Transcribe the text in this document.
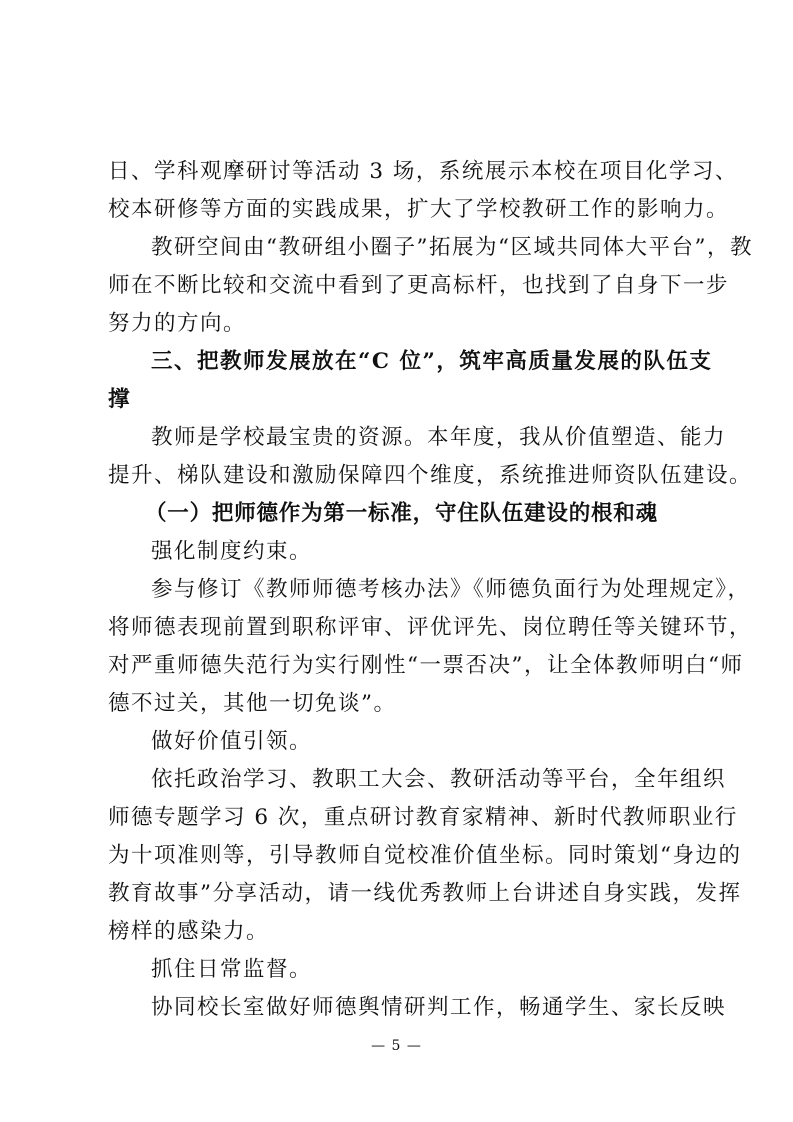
日、学科观摩研讨等活动 3 场，系统展示本校在项目化学习、
校本研修等方面的实践成果，扩大了学校教研工作的影响力。
教研空间由“教研组小圈子”拓展为“区域共同体大平台”，教
师在不断比较和交流中看到了更高标杆，也找到了自身下一步
努力的方向。
三、把教师发展放在“C 位”，筑牢高质量发展的队伍支
撑
教师是学校最宝贵的资源。本年度，我从价值塑造、能力
提升、梯队建设和激励保障四个维度，系统推进师资队伍建设。
（一）把师德作为第一标准，守住队伍建设的根和魂
强化制度约束。
参与修订《教师师德考核办法》《师德负面行为处理规定》，
将师德表现前置到职称评审、评优评先、岗位聘任等关键环节，
对严重师德失范行为实行刚性“一票否决”，让全体教师明白“师
德不过关，其他一切免谈”。
做好价值引领。
依托政治学习、教职工大会、教研活动等平台，全年组织
师德专题学习 6 次，重点研讨教育家精神、新时代教师职业行
为十项准则等，引导教师自觉校准价值坐标。同时策划“身边的
教育故事”分享活动，请一线优秀教师上台讲述自身实践，发挥
榜样的感染力。
抓住日常监督。
协同校长室做好师德舆情研判工作，畅通学生、家长反映
— 5 —
